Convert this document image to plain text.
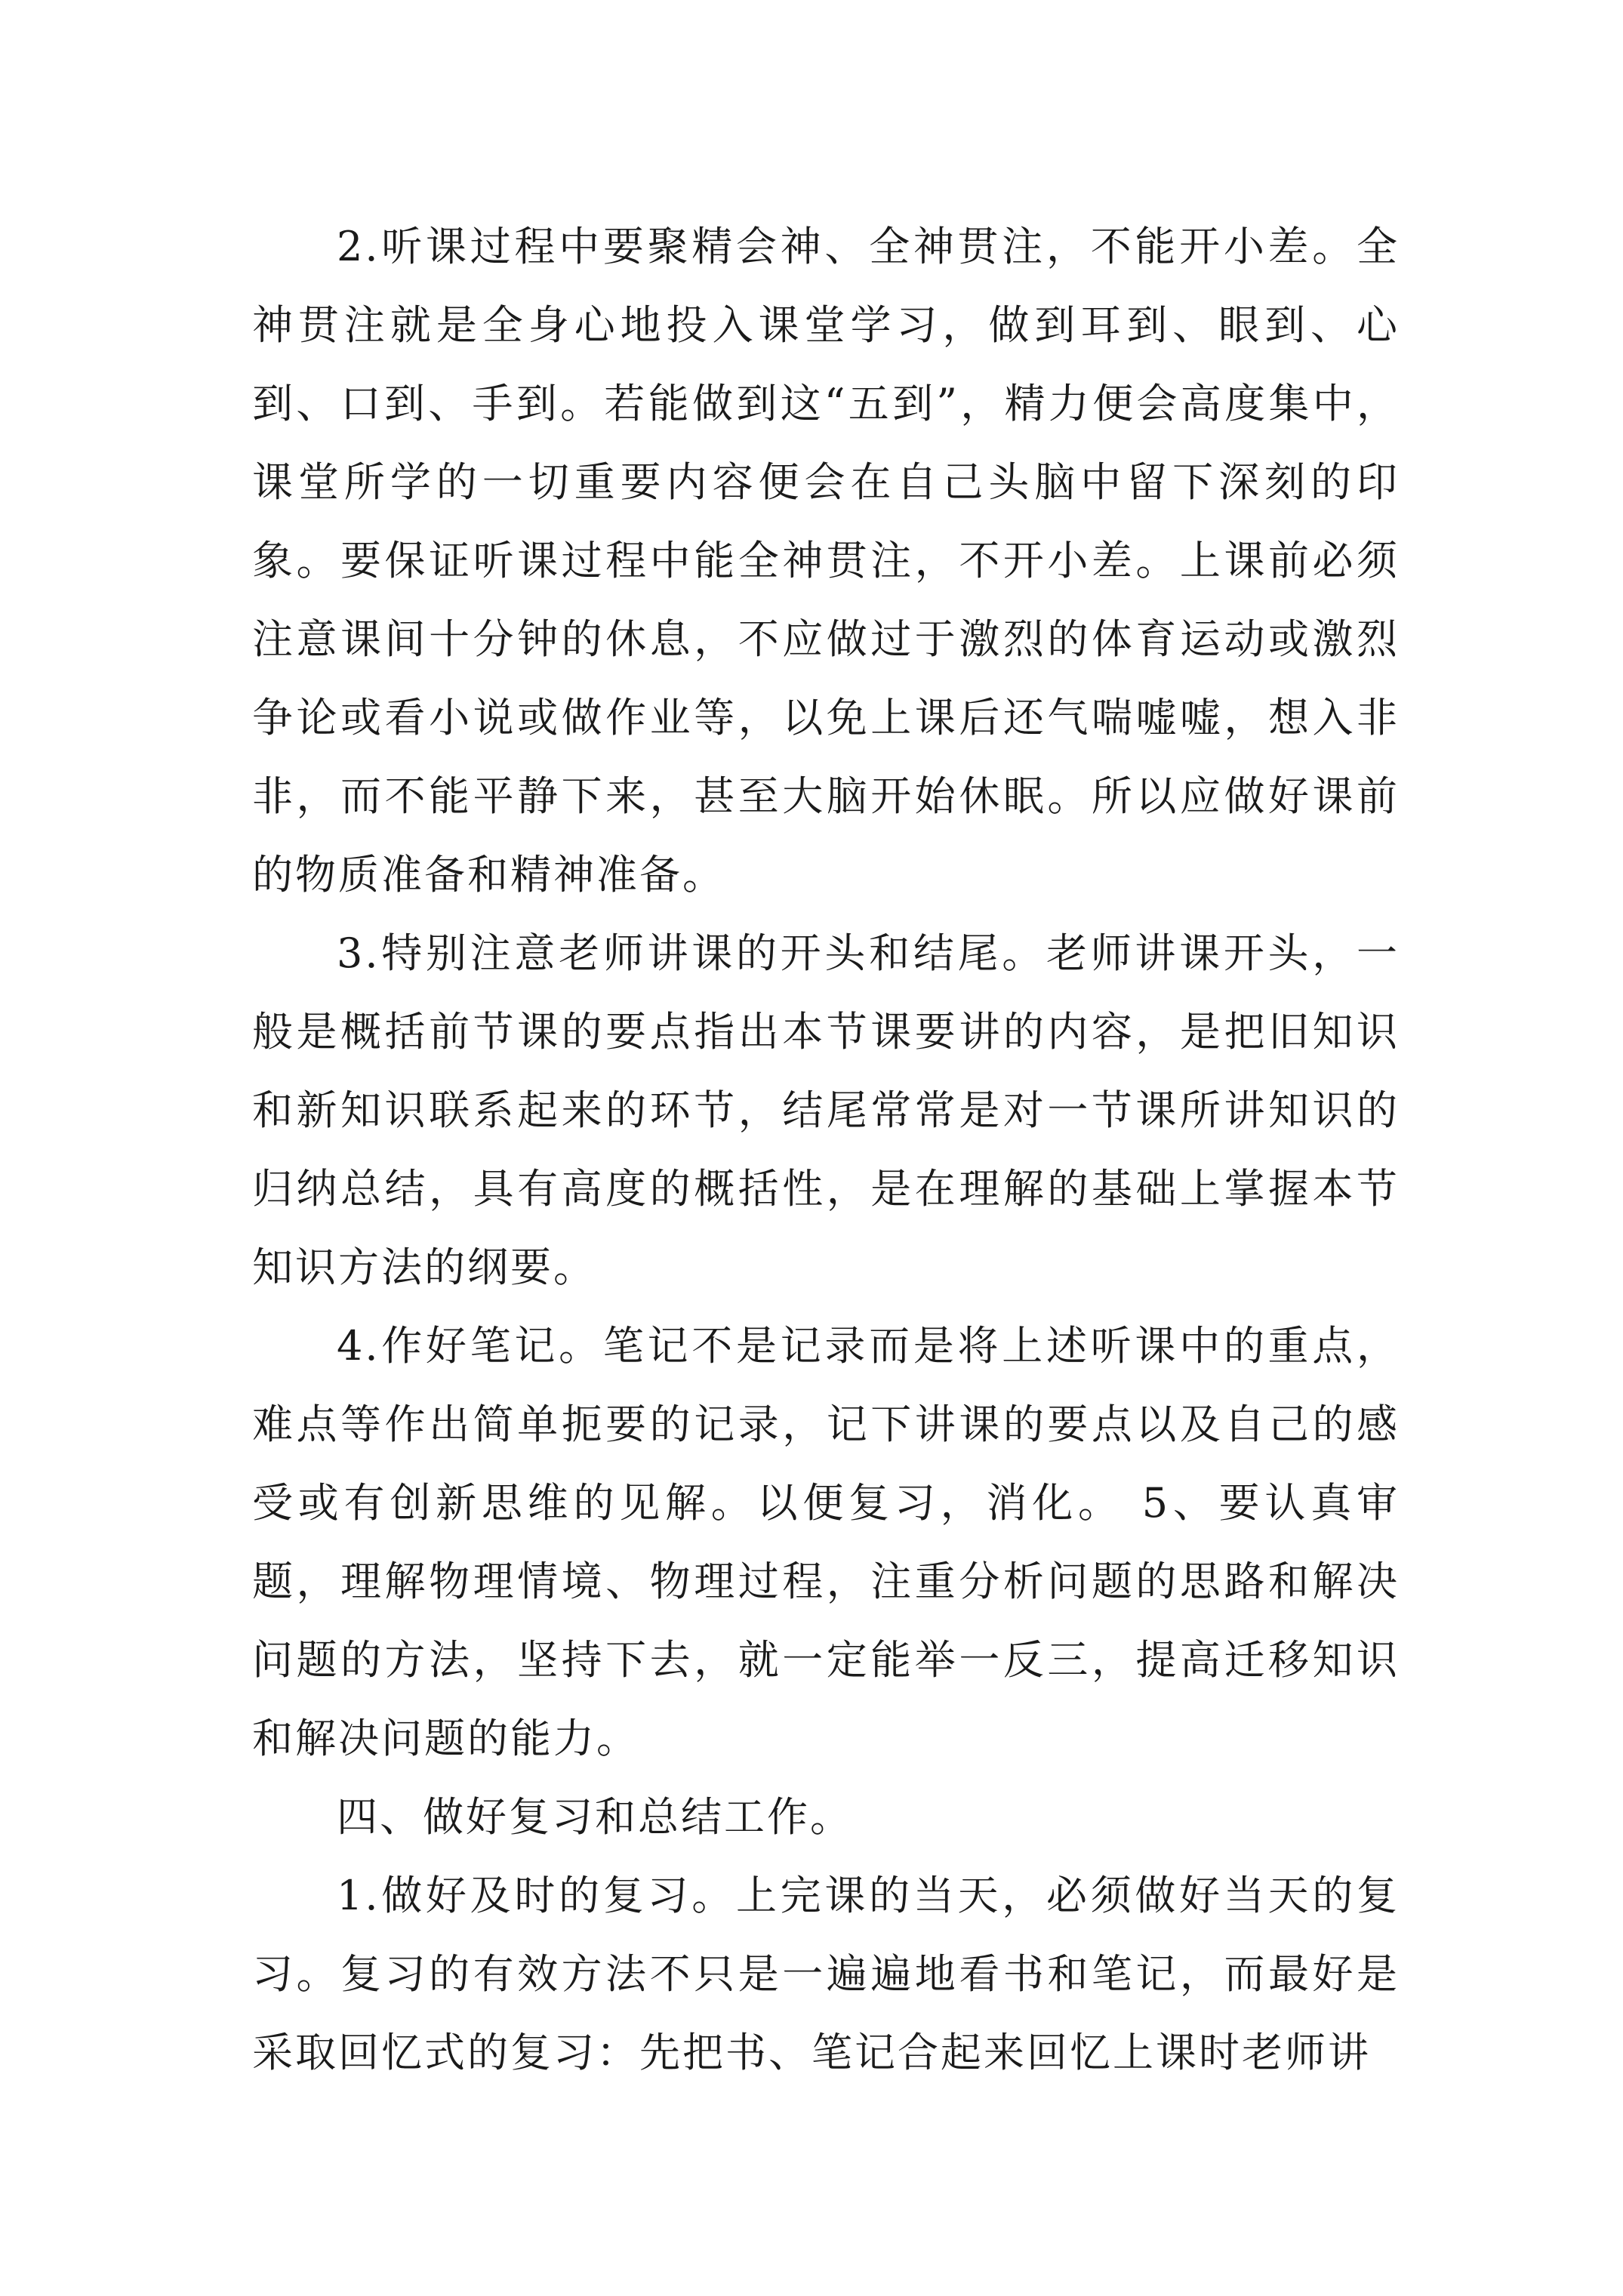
2.听课过程中要聚精会神、全神贯注，不能开小差。全神贯注就是全身心地投入课堂学习，做到耳到、眼到、心到、口到、手到。若能做到这“五到”，精力便会高度集中，课堂所学的一切重要内容便会在自己头脑中留下深刻的印象。要保证听课过程中能全神贯注，不开小差。上课前必须注意课间十分钟的休息，不应做过于激烈的体育运动或激烈争论或看小说或做作业等，以免上课后还气喘嘘嘘，想入非非，而不能平静下来，甚至大脑开始休眠。所以应做好课前的物质准备和精神准备。

3.特别注意老师讲课的开头和结尾。老师讲课开头，一般是概括前节课的要点指出本节课要讲的内容，是把旧知识和新知识联系起来的环节，结尾常常是对一节课所讲知识的归纳总结，具有高度的概括性，是在理解的基础上掌握本节知识方法的纲要。

4.作好笔记。笔记不是记录而是将上述听课中的重点，难点等作出简单扼要的记录，记下讲课的要点以及自己的感受或有创新思维的见解。以便复习，消化。 5、要认真审题，理解物理情境、物理过程，注重分析问题的思路和解决问题的方法，坚持下去，就一定能举一反三，提高迁移知识和解决问题的能力。

四、做好复习和总结工作。

1.做好及时的复习。上完课的当天，必须做好当天的复习。复习的有效方法不只是一遍遍地看书和笔记，而最好是采取回忆式的复习：先把书、笔记合起来回忆上课时老师讲
